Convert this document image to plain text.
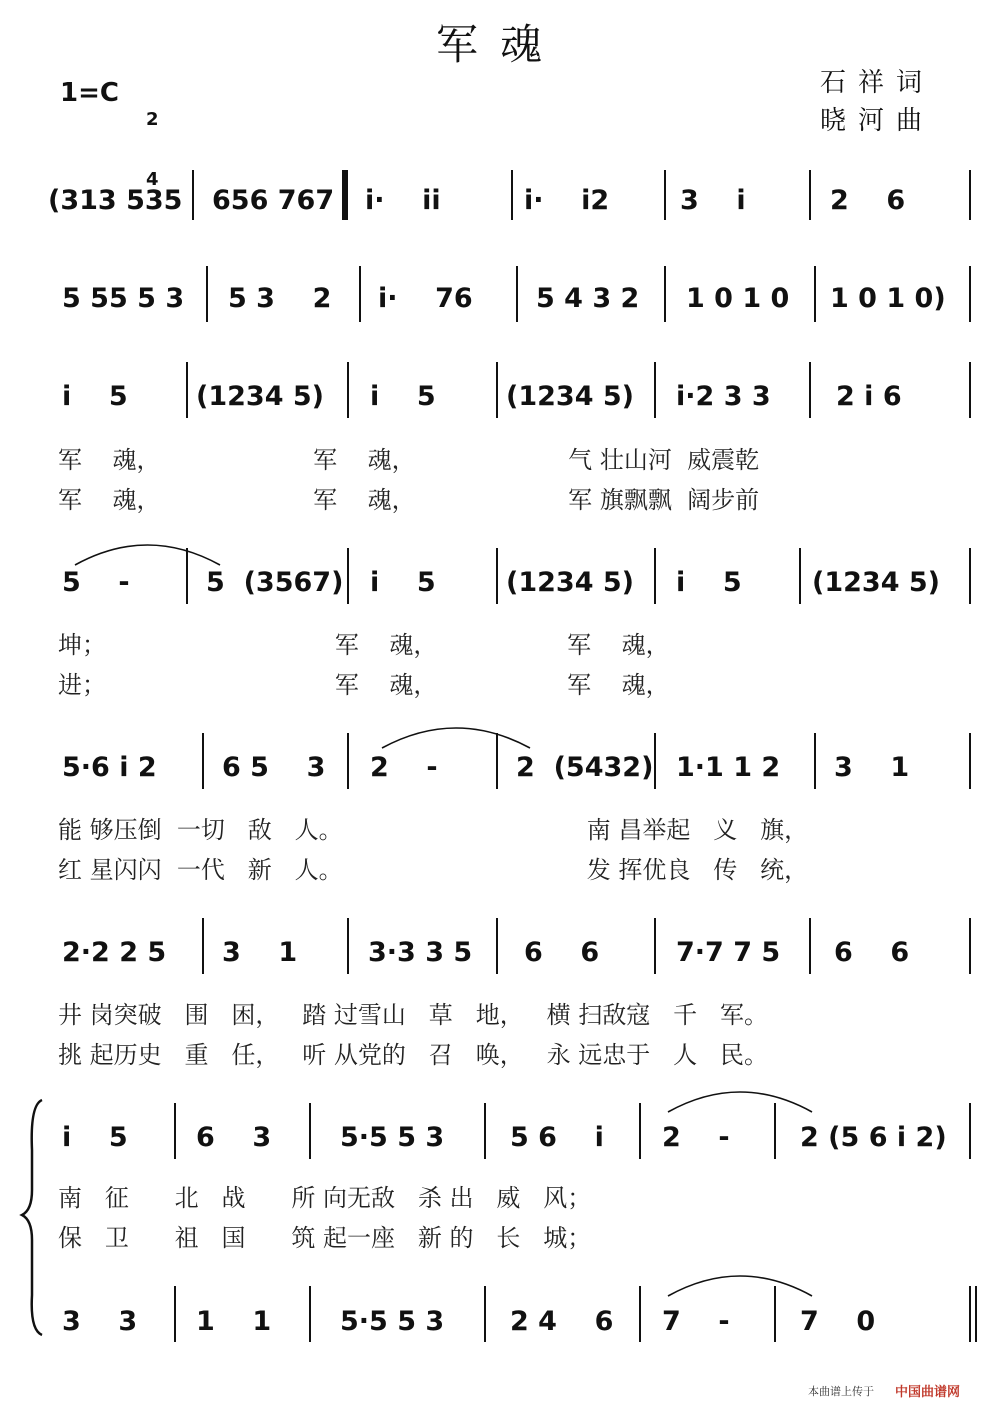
军魂
1=C

2

4

石祥词
晓河曲
(313 535 656 767 i·    ii	i·    i2	3    i	2    6
5 55 5 3 5 3    2 i·    76 5 4 3 2 1 0 1 0 1 0 1 0)
i    5	(1234 5) i    5	(1234 5) i·2 3 3 2 i 6
军    魂，                    军    魂，                    气 壮山河  威震乾
军    魂，                    军    魂，                    军 旗飘飘  阔步前
5    -	5  (3567) i    5	(1234 5) i    5	(1234 5)
坤；                              军    魂，                 军    魂，
进；                              军    魂，                 军    魂，
5·6 i 2 6 5    3 2    -	2  (5432) 1·1 1 2 3    1
能 够压倒  一切   敌   人。                                南 昌举起   义   旗，
红 星闪闪  一代   新   人。                                发 挥优良   传   统，
2·2 2 5 3    1	3·3 3 5 6    6	7·7 7 5 6    6
井 岗突破   围   困，   踏 过雪山   草   地，   横 扫敌寇   千   军。
挑 起历史   重   任，   听 从党的   召   唤，   永 远忠于   人   民。
i    5	6    3	5·5 5 3 5 6    i 2    -	2 (5 6 i 2)
南   征      北   战      所 向无敌   杀 出   威   风；
保   卫      祖   国      筑 起一座   新 的   长   城；
3    3 1    1	5·5 5 3 2 4    6 7    -	7    0
本曲谱上传于 中国曲谱网
